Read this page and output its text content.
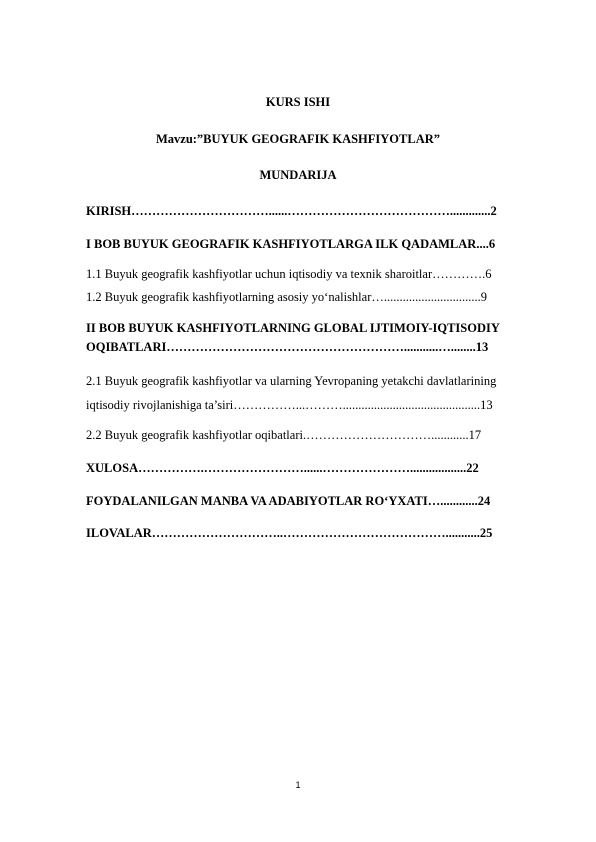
KURS ISHI
Mavzu:”BUYUK GEOGRAFIK KASHFIYOTLAR”
MUNDARIJA
KIRISH……………………………......………………………………….............2
I BOB BUYUK GEOGRAFIK KASHFIYOTLARGA ILK QADAMLAR....6
1.1 Buyuk geografik kashfiyotlar uchun iqtisodiy va texnik sharoitlar………….6
1.2 Buyuk geografik kashfiyotlarning asosiy yo‘nalishlar…...............................9
II BOB BUYUK KASHFIYOTLARNING GLOBAL IJTIMOIY-IQTISODIY
OQIBATLARI…………………………………………………...........…........13
2.1 Buyuk geografik kashfiyotlar va ularning Yevropaning yetakchi davlatlarining
iqtisodiy rivojlanishiga ta’siri……………...………............................................13
2.2 Buyuk geografik kashfiyotlar oqibatlari.…………………………............17
XULOSA…………….……………………......…………………..................22
FOYDALANILGAN MANBA VA ADABIYOTLAR RO‘YXATI…............24
ILOVALAR…………………………..…………………………………...........25
1
